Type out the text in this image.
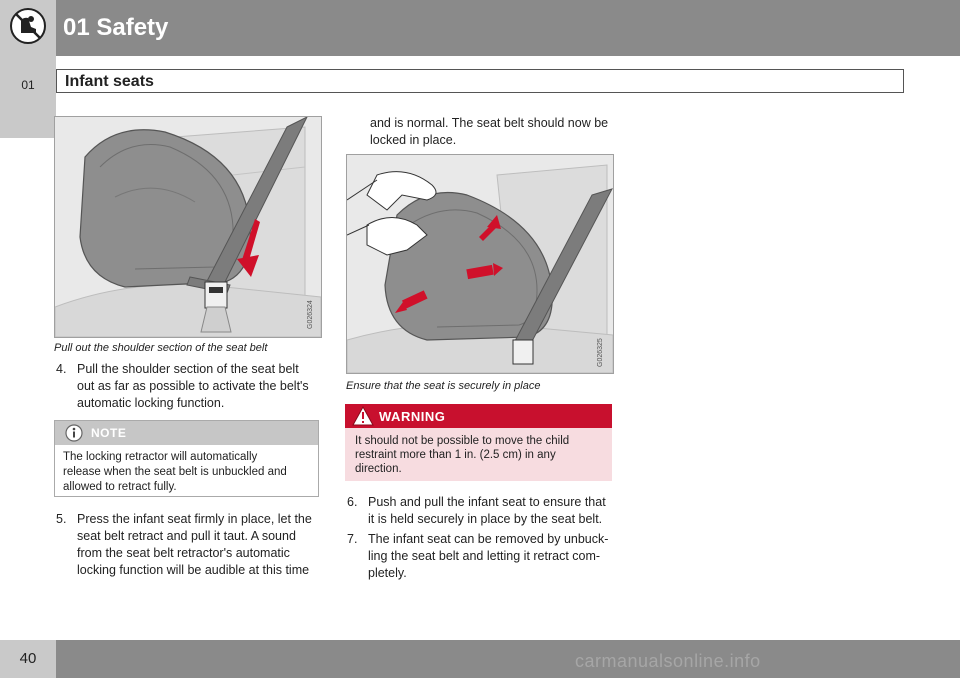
01 Safety
01	Infant seats
G026324
Pull out the shoulder section of the seat belt
4. Pull the shoulder section of the seat belt
out as far as possible to activate the belt's
automatic locking function.
NOTE
The locking retractor will automatically
release when the seat belt is unbuckled and
allowed to retract fully.
5. Press the infant seat firmly in place, let the
seat belt retract and pull it taut. A sound
from the seat belt retractor's automatic
locking function will be audible at this time
and is normal. The seat belt should now be
locked in place.
G026325
Ensure that the seat is securely in place
WARNING
It should not be possible to move the child
restraint more than 1 in. (2.5 cm) in any
direction.
6. Push and pull the infant seat to ensure that
it is held securely in place by the seat belt.
7. The infant seat can be removed by unbuck-
ling the seat belt and letting it retract com-
pletely.
40	carmanualsonline.info
